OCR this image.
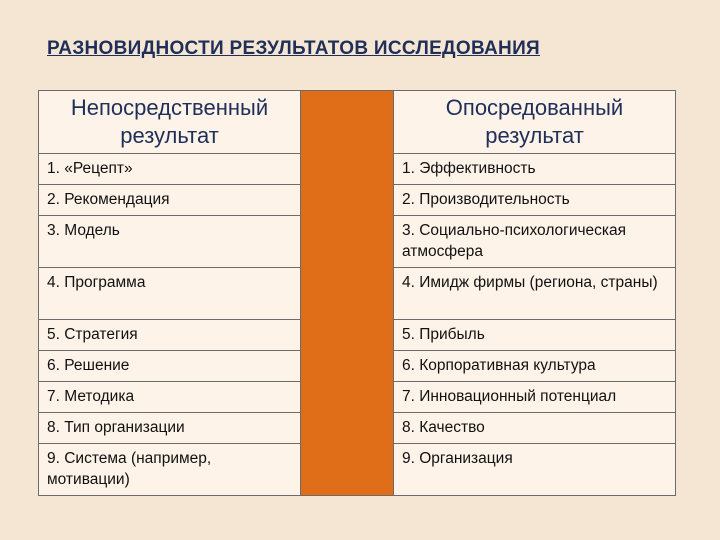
РАЗНОВИДНОСТИ РЕЗУЛЬТАТОВ ИССЛЕДОВАНИЯ
Непосредственный результат		Опосредованный результат
1. «Рецепт»		1. Эффективность
2. Рекомендация		2. Производительность
3. Модель		3. Социально-психологическая атмосфера
4. Программа		4. Имидж фирмы (региона, страны)
5. Стратегия		5. Прибыль
6. Решение		6. Корпоративная культура
7. Методика		7. Инновационный потенциал
8. Тип организации		8. Качество
9. Система (например, мотивации)		9. Организация
